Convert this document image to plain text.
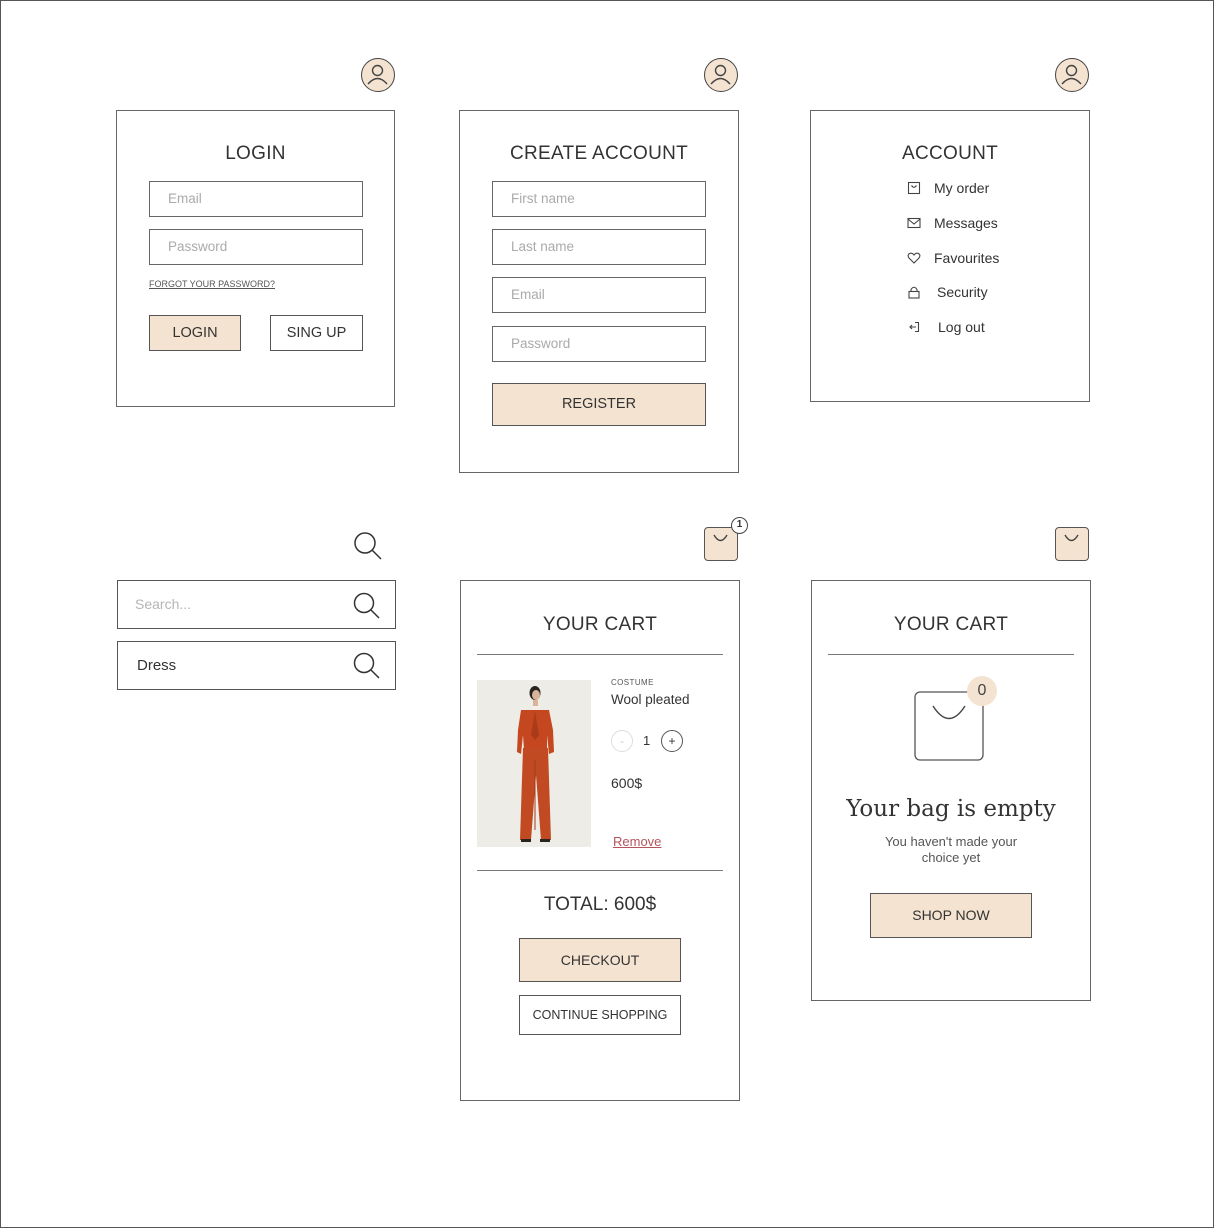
LOGIN
Email
Password
FORGOT YOUR PASSWORD?
LOGIN	SING UP
CREATE ACCOUNT
First name
Last name
Email
Password
REGISTER
ACCOUNT
My order
Messages
Favourites
Security
Log out
Search...
Dress
1
YOUR CART
COSTUME
Wool pleated
-	1	+
600$
Remove
TOTAL: 600$
CHECKOUT
CONTINUE SHOPPING
YOUR CART
0
Your bag is empty
You haven't made your
choice yet
SHOP NOW
